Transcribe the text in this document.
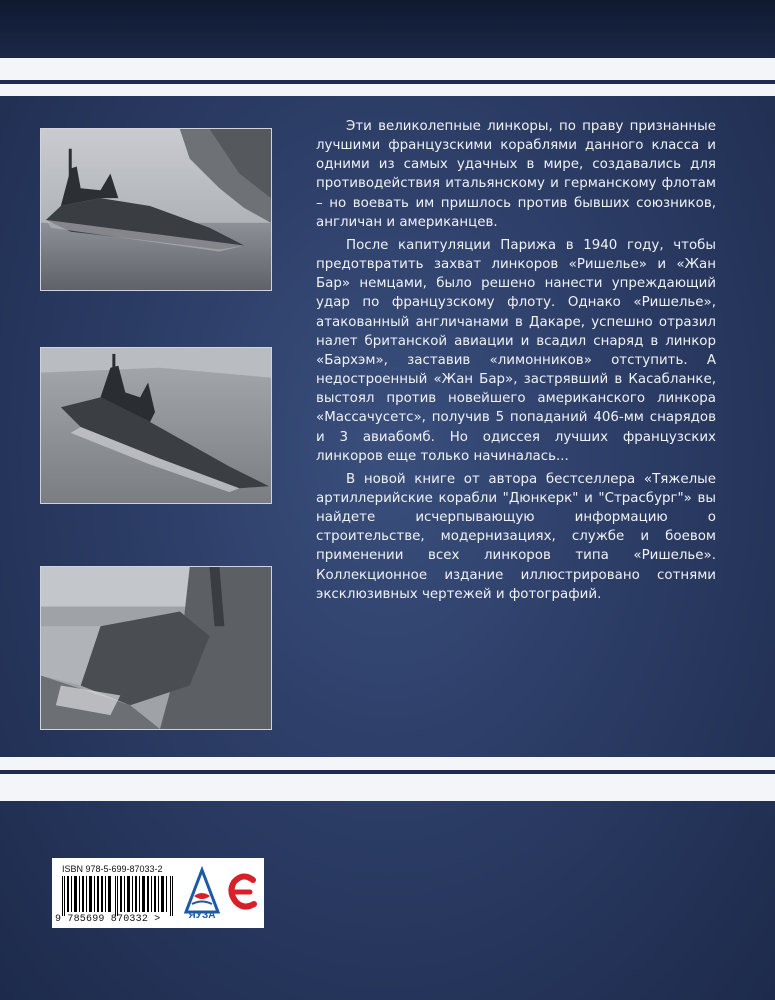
Эти великолепные линкоры, по праву признанные лучшими французскими кораблями данного класса и одними из самых удачных в мире, создавались для противодействия итальянскому и германскому флотам – но воевать им пришлось против бывших союзников, англичан и американцев.

После капитуляции Парижа в 1940 году, чтобы предотвратить захват линкоров «Ришелье» и «Жан Бар» немцами, было решено нанести упреждающий удар по французскому флоту. Однако «Ришелье», атакованный англичанами в Дакаре, успешно отразил налет британской авиации и всадил снаряд в линкор «Бархэм», заставив «лимонников» отступить. А недостроенный «Жан Бар», застрявший в Касабланке, выстоял против новейшего американского линкора «Массачусетс», получив 5 попаданий 406-мм снарядов и 3 авиабомб. Но одиссея лучших французских линкоров еще только начиналась...

В новой книге от автора бестселлера «Тяжелые артиллерийские корабли "Дюнкерк" и "Страсбург"» вы найдете исчерпывающую информацию о строительстве, модернизациях, службе и боевом применении всех линкоров типа «Ришелье». Коллекционное издание иллюстрировано сотнями эксклюзивных чертежей и фотографий.

ISBN 978-5-699-87033-2
9 785699 870332 >	ЯУЗА
